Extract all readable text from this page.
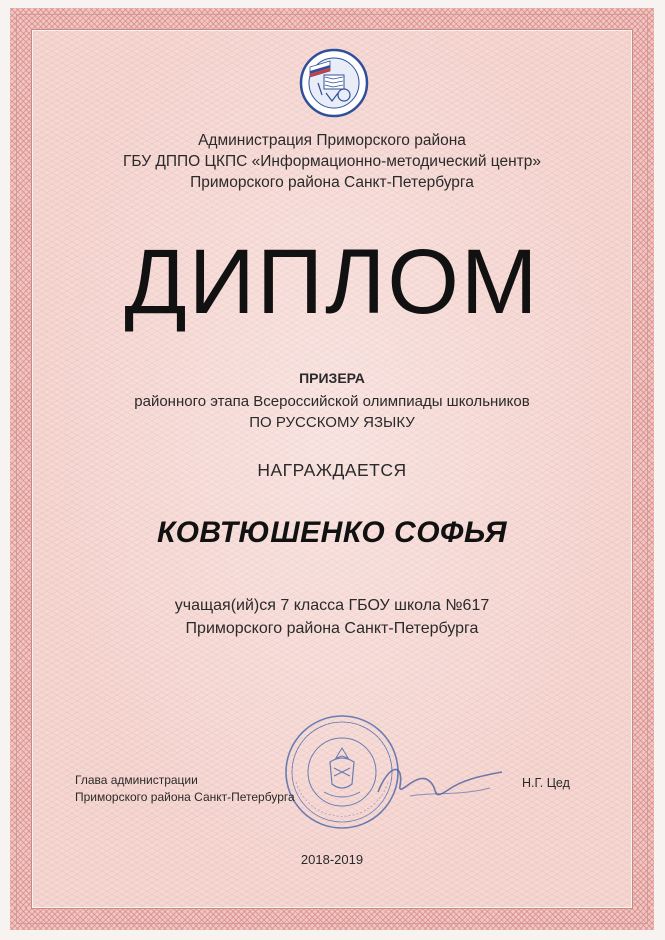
Администрация Приморского района
ГБУ ДППО ЦКПС «Информационно-методический центр»
Приморского района Санкт-Петербурга
ДИПЛОМ
ПРИЗЕРА
районного этапа Всероссийской олимпиады школьников
ПО РУССКОМУ ЯЗЫКУ
НАГРАЖДАЕТСЯ
КОВТЮШЕНКО СОФЬЯ
учащая(ий)ся 7 класса ГБОУ школа №617
Приморского района Санкт-Петербурга
Глава администрации
Приморского района Санкт-Петербурга
Н.Г. Цед
2018-2019
